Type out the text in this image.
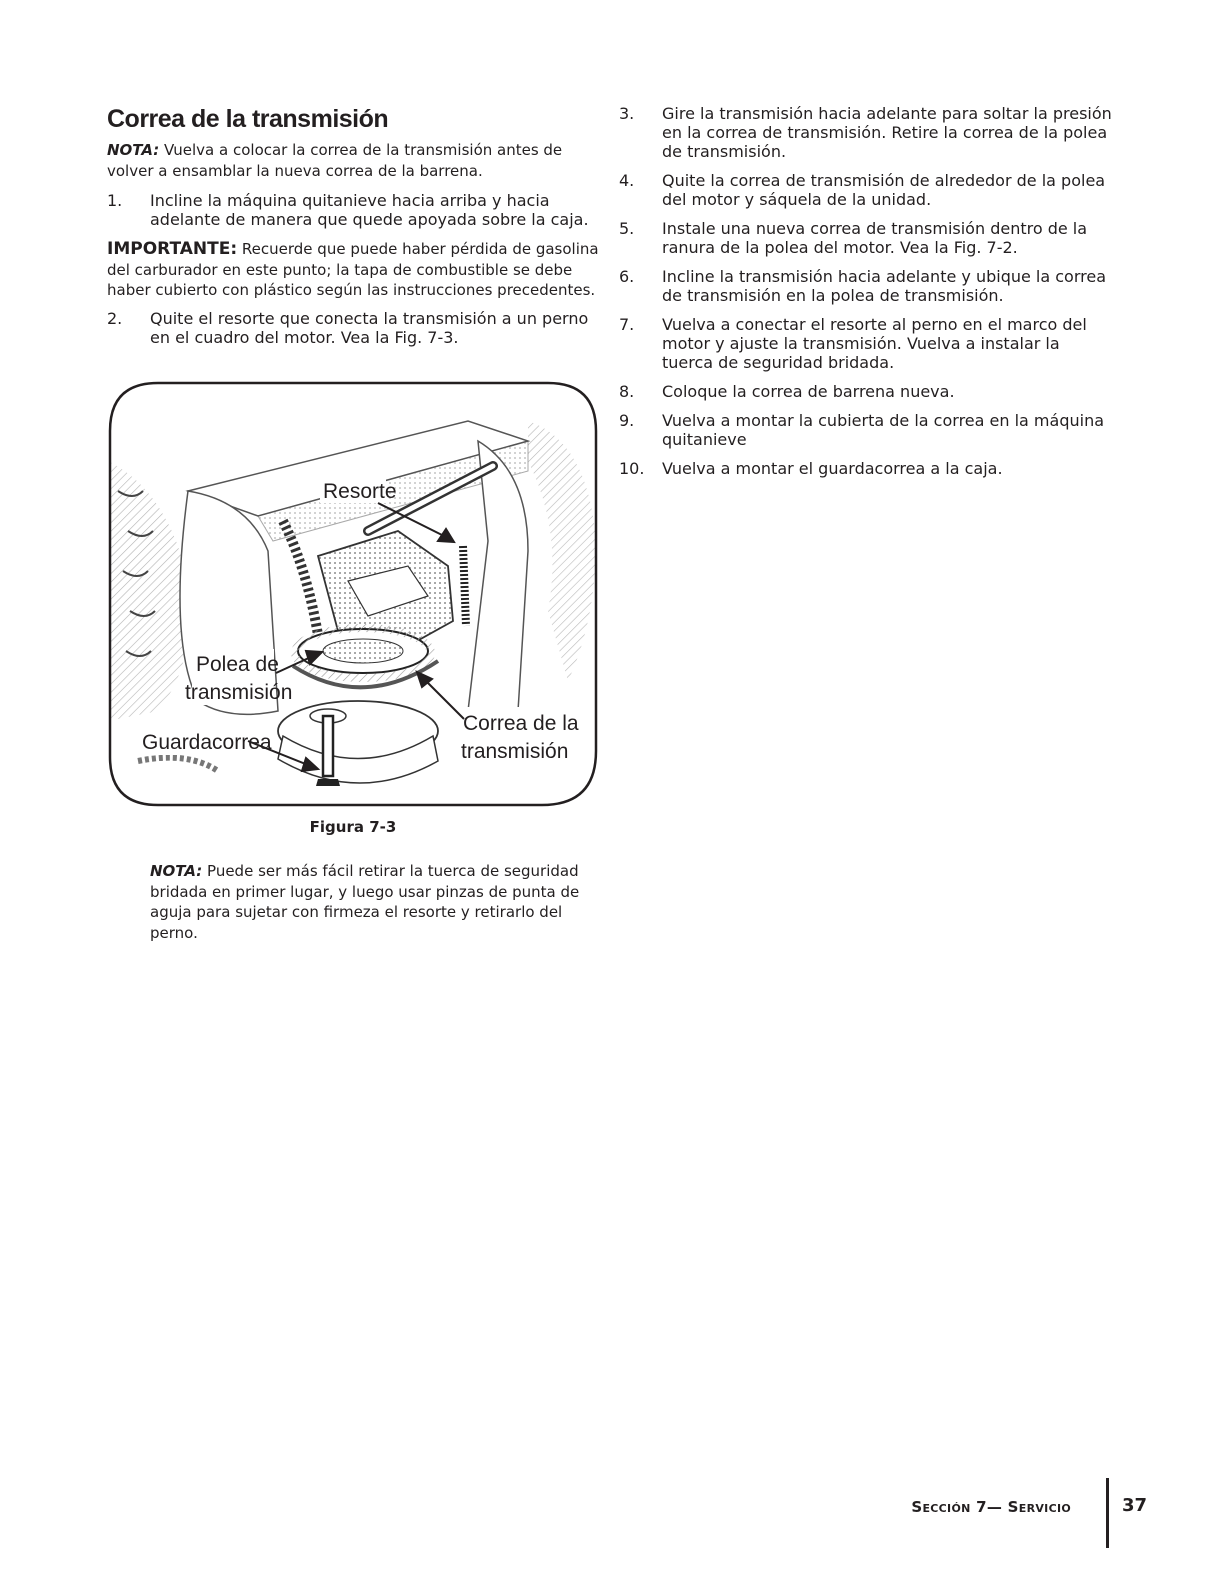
Correa de la transmisión

NOTA: Vuelva a colocar la correa de la transmisión antes de volver a ensamblar la nueva correa de la barrena.

1.	Incline la máquina quitanieve hacia arriba y hacia adelante de manera que quede apoyada sobre la caja.

IMPORTANTE: Recuerde que puede haber pérdida de gasolina del carburador en este punto; la tapa de combustible se debe haber cubierto con plástico según las instrucciones precedentes.

2.	Quite el resorte que conecta la transmisión a un perno en el cuadro del motor. Vea la Fig. 7-3.
Resorte
Polea de
transmisión
Guardacorrea
Correa de la
transmisión
Figura 7-3

NOTA: Puede ser más fácil retirar la tuerca de seguridad bridada en primer lugar, y luego usar pinzas de punta de aguja para sujetar con firmeza el resorte y retirarlo del perno.

3.	Gire la transmisión hacia adelante para soltar la presión en la correa de transmisión. Retire la correa de la polea de transmisión.
4.	Quite la correa de transmisión de alrededor de la polea del motor y sáquela de la unidad.
5.	Instale una nueva correa de transmisión dentro de la ranura de la polea del motor. Vea la Fig. 7-2.
6.	Incline la transmisión hacia adelante y ubique la correa de transmisión en la polea de transmisión.
7.	Vuelva a conectar el resorte al perno en el marco del motor y ajuste la transmisión. Vuelva a instalar la tuerca de seguridad bridada.
8.	Coloque la correa de barrena nueva.
9.	Vuelva a montar la cubierta de la correa en la máquina quitanieve
10.	Vuelva a montar el guardacorrea a la caja.
Sección 7— Servicio	37
